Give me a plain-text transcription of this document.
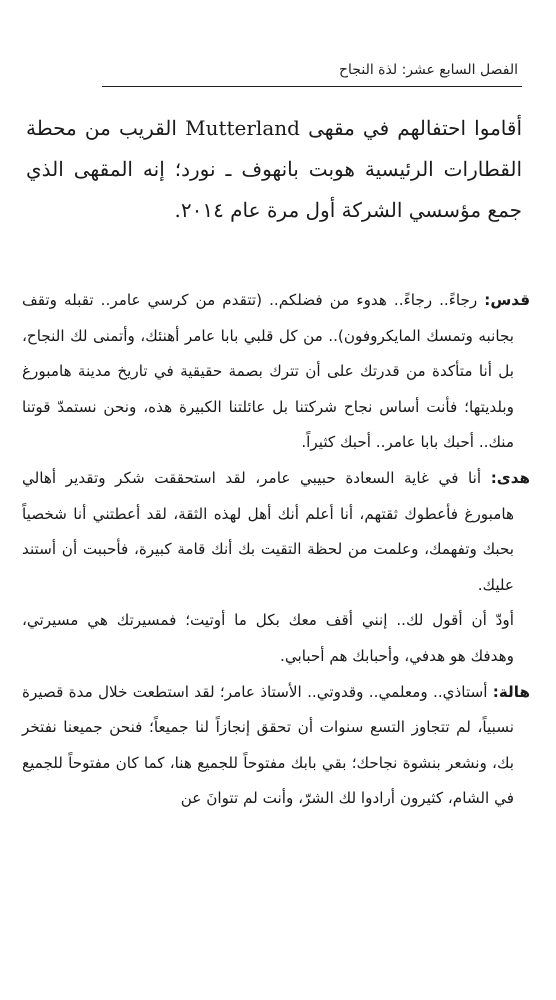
الفصل السابع عشر: لذة النجاح

أقاموا احتفالهم في مقهى Mutterland القريب من محطة القطارات الرئيسية هوبت بانهوف ـ نورد؛ إنه المقهى الذي جمع مؤسسي الشركة أول مرة عام ٢٠١٤.

قدس: رجاءً.. رجاءً.. هدوء من فضلكم.. (تتقدم من كرسي عامر.. تقبله وتقف بجانبه وتمسك المايكروفون).. من كل قلبي بابا عامر أهنئك، وأتمنى لك النجاح، بل أنا متأكدة من قدرتك على أن تترك بصمة حقيقية في تاريخ مدينة هامبورغ وبلديتها؛ فأنت أساس نجاح شركتنا بل عائلتنا الكبيرة هذه، ونحن نستمدّ قوتنا منك.. أحبك بابا عامر.. أحبك كثيراً.

هدى: أنا في غاية السعادة حبيبي عامر، لقد استحققت شكر وتقدير أهالي هامبورغ فأعطوك ثقتهم، أنا أعلم أنك أهل لهذه الثقة، لقد أعطتني أنا شخصياً بحبك وتفهمك، وعلمت من لحظة التقيت بك أنك قامة كبيرة، فأحببت أن أستند عليك.

أودّ أن أقول لك.. إنني أقف معك بكل ما أوتيت؛ فمسيرتك هي مسيرتي، وهدفك هو هدفي، وأحبابك هم أحبابي.

هالة: أستاذي.. ومعلمي.. وقدوتي.. الأستاذ عامر؛ لقد استطعت خلال مدة قصيرة نسبياً، لم تتجاوز التسع سنوات أن تحقق إنجازاً لنا جميعاً؛ فنحن جميعنا نفتخر بك، ونشعر بنشوة نجاحك؛ بقي بابك مفتوحاً للجميع هنا، كما كان مفتوحاً للجميع في الشام، كثيرون أرادوا لك الشرّ، وأنت لم تتوانَ عن
